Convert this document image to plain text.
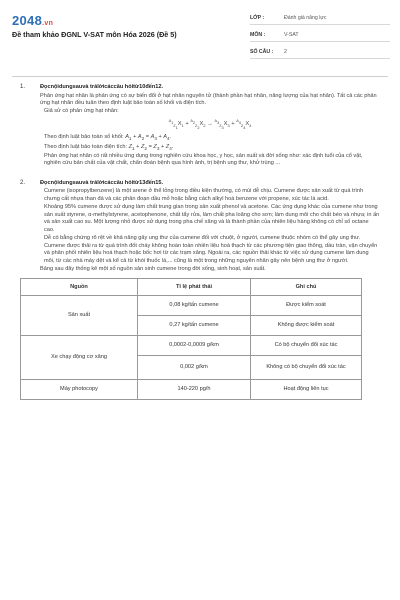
2048.vn
Đề tham khảo ĐGNL V-SAT môn Hóa 2026 (Đề 5)
LỚP :	Đánh giá năng lực
MÔN :	V-SAT
SỐ CÂU :	2
1.	Đọcnộidungsauvà trảlờicáccâu hỏitừ10đến12.

Phản ứng hạt nhân là phản ứng có sự biến đổi ở hạt nhân nguyên tử (thành phần hạt nhân, năng lượng của hạt nhân). Tất cả các phản ứng hạt nhân đều tuân theo định luật bảo toàn số khối và điện tích.

Giả sử có phản ứng hạt nhân:

$^{A_1}_{Z_1}X_1 + ^{A_2}_{Z_2}X_2 \to ^{A_3}_{Z_3}X_3 + ^{A_4}_{Z_4}X_4$

Theo định luật bảo toàn số khối: $A_1 + A_2 = A_3 + A_4$.

Theo định luật bảo toàn điện tích: $Z_1 + Z_2 = Z_3 + Z_4$.

Phản ứng hạt nhân có rất nhiều ứng dụng trong nghiên cứu khoa học, y học, sản xuất và đời sống như: xác định tuổi của cổ vật, nghiên cứu bản chất của vật chất, chẩn đoán bệnh qua hình ảnh, trị bệnh ung thư, khử trùng ...

2.	Đọcnộidungsauvà trảlờicáccâu hỏitừ13đến15.

Cumene (isopropylbenzene) là một arene ở thể lỏng trong điều kiện thường, có mùi dễ chịu. Cumene được sản xuất từ quá trình chưng cất nhựa than đá và các phân đoạn dầu mỏ hoặc bằng cách alkyl hoá benzene với propene, xúc tác là acid.

Khoảng 95% cumene được sử dụng làm chất trung gian trong sản xuất phenol và acetone. Các ứng dụng khác của cumene như trong sản xuất styrene, α-methylstyrene, acetophenone, chất tẩy rửa, làm chất pha loãng cho sơn; làm dung môi cho chất béo và nhựa; in ấn và sản xuất cao su. Một lượng nhỏ được sử dụng trong pha chế xăng và là thành phần của nhiên liệu hàng không có chỉ số octane cao.

Dễ có bằng chứng rõ rệt về khả năng gây ung thư của cumene đối với chuột, ở người, cumene thuộc nhóm có thể gây ung thư. Cumene được thải ra từ quá trình đốt cháy không hoàn toàn nhiên liệu hoá thạch từ các phương tiện giao thông, dầu tràn, vận chuyển và phân phối nhiên liệu hoá thạch hoặc bốc hơi từ các trạm xăng. Ngoài ra, các nguồn thải khác từ việc sử dụng cumene làm dung môi, từ các nhà máy dệt và kể cả từ khói thuốc lá,... cũng là một trong những nguyên nhân gây nên bệnh ung thư ở người.

Bảng sau đây thống kê một số nguồn sản sinh cumene trong đời sống, sinh hoạt, sản xuất.

Nguồn	Tỉ lệ phát thải	Ghi chú
Sản xuất	0,08 kg/tấn cumene	Được kiểm soát
	0,27 kg/tấn cumene	Không được kiểm soát
Xe chạy động cơ xăng	0,0002-0,0009 g/km	Có bộ chuyển đổi xúc tác
	0,002 g/km	Không có bộ chuyển đổi xúc tác
Máy photocopy	140-220 pg/h	Hoạt động liên tục
